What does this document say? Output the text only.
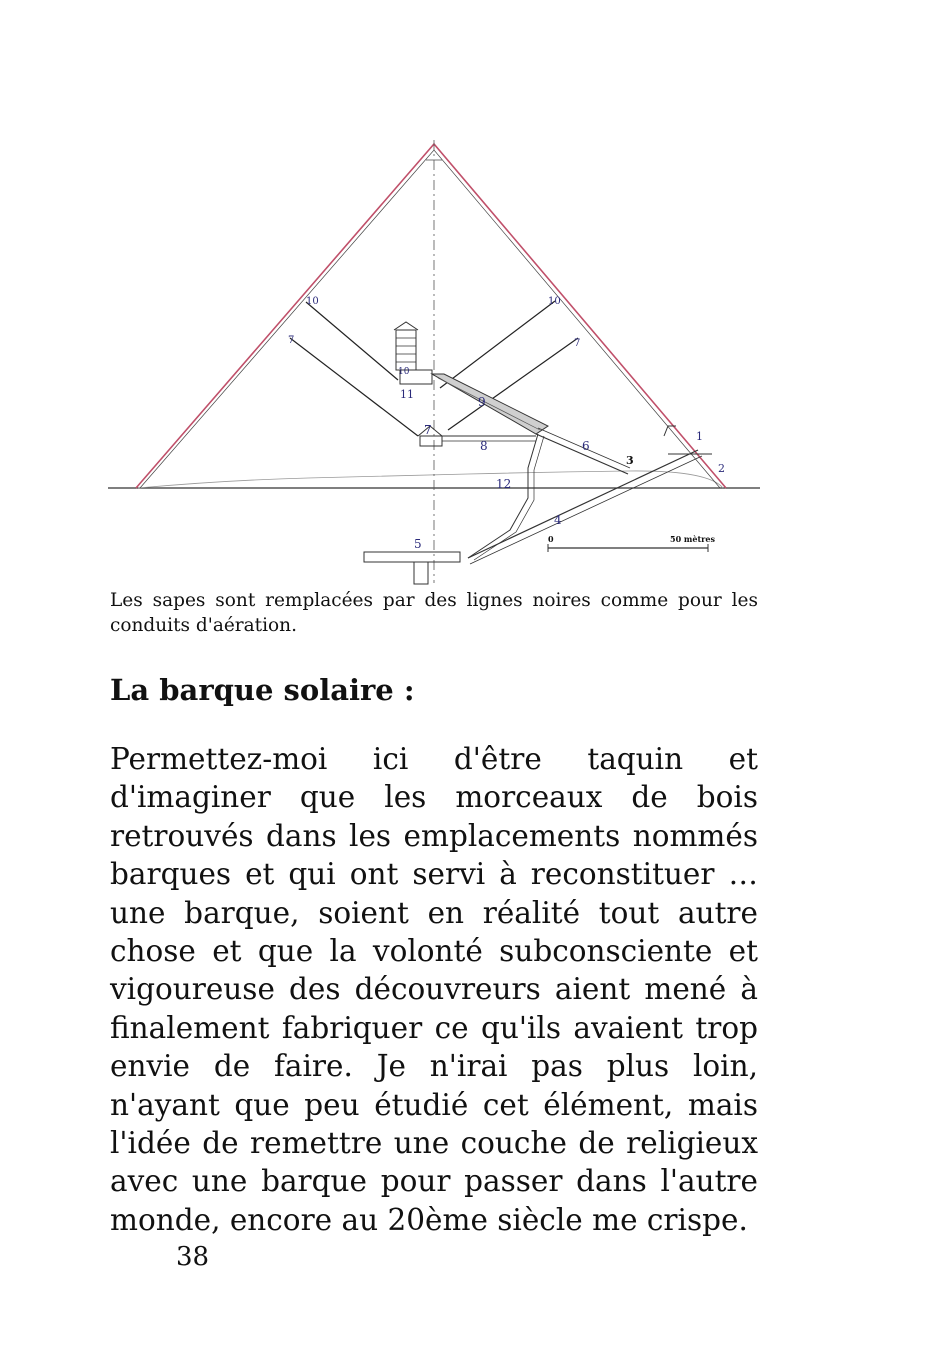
0	50 mètres
1
2
3
4
5
6
7	7
7
8
9
10	10
10
11
12
Les sapes sont remplacées par des lignes noires comme pour les conduits d'aération.
La barque solaire :

Permettez-moi ici d'être taquin et d'imaginer que les morceaux de bois retrouvés dans les emplacements nommés barques et qui ont servi à reconstituer … une barque, soient en réalité tout autre chose et que la volonté subconsciente et vigoureuse des découvreurs aient mené à finalement fabriquer ce qu'ils avaient trop envie de faire. Je n'irai pas plus loin, n'ayant que peu étudié cet élément, mais l'idée de remettre une couche de religieux avec une barque pour passer dans l'autre monde, encore au 20ème siècle me crispe.

38
